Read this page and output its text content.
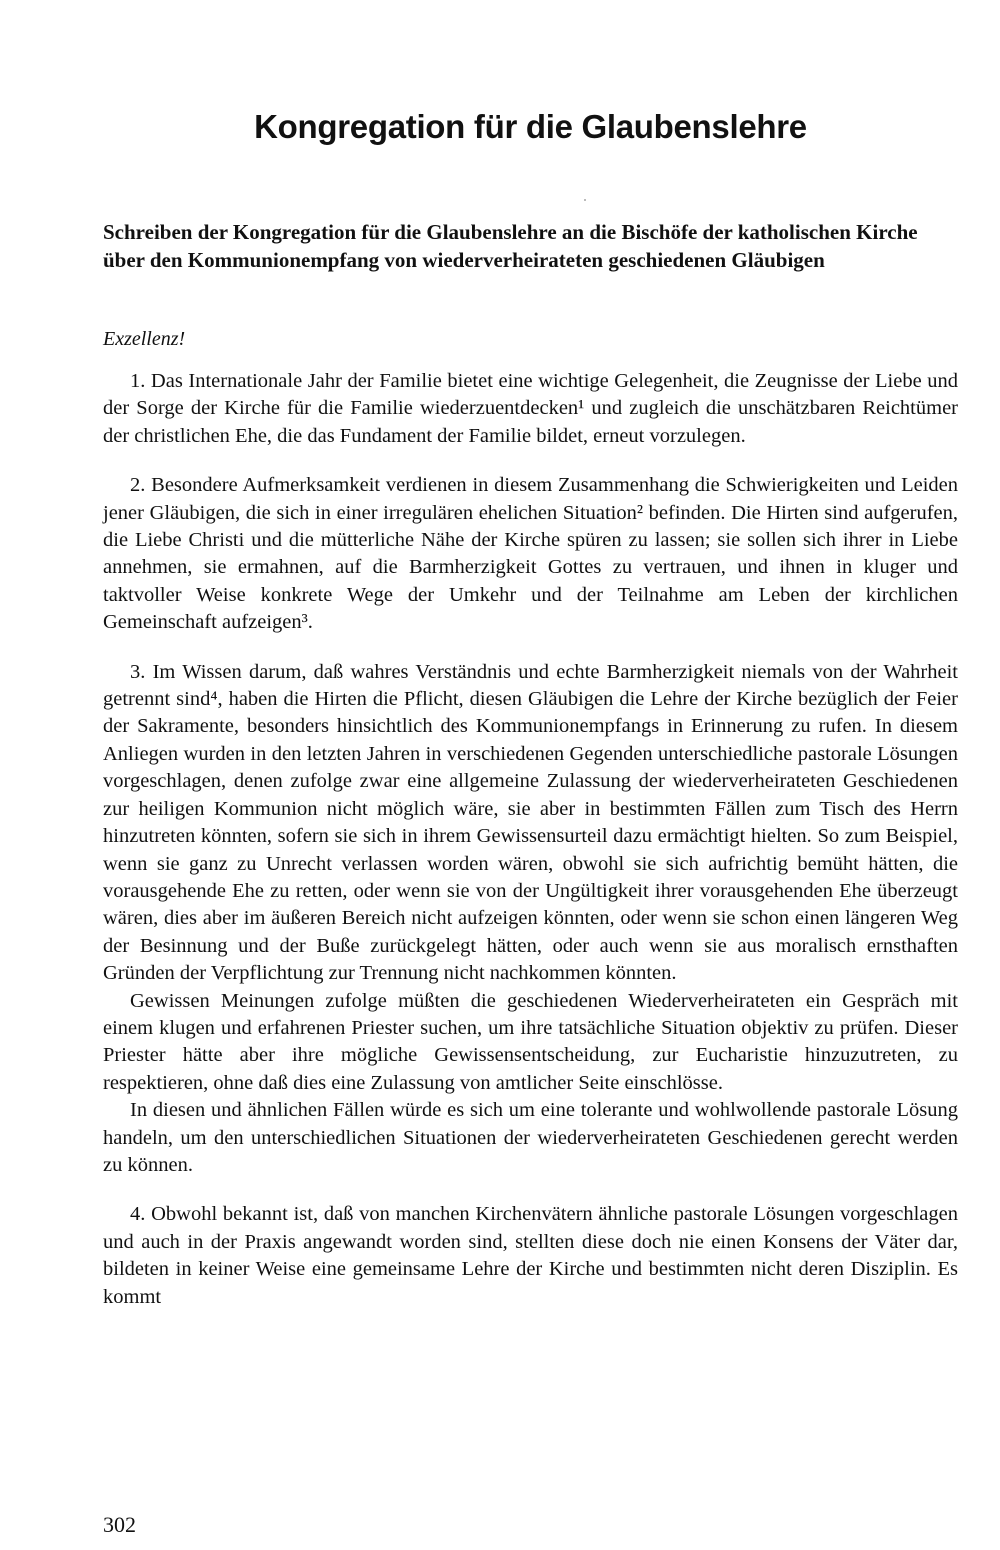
Kongregation für die Glaubenslehre
Schreiben der Kongregation für die Glaubenslehre an die Bischöfe der katholischen Kirche über den Kommunionempfang von wiederverheirateten geschiedenen Gläubigen

Exzellenz!

1. Das Internationale Jahr der Familie bietet eine wichtige Gelegenheit, die Zeugnisse der Liebe und der Sorge der Kirche für die Familie wiederzuentdecken¹ und zugleich die unschätzbaren Reichtümer der christlichen Ehe, die das Fundament der Familie bildet, erneut vorzulegen.

2. Besondere Aufmerksamkeit verdienen in diesem Zusammenhang die Schwierigkeiten und Leiden jener Gläubigen, die sich in einer irregulären ehelichen Situation² befinden. Die Hirten sind aufgerufen, die Liebe Christi und die mütterliche Nähe der Kirche spüren zu lassen; sie sollen sich ihrer in Liebe annehmen, sie ermahnen, auf die Barmherzigkeit Gottes zu vertrauen, und ihnen in kluger und taktvoller Weise konkrete Wege der Umkehr und der Teilnahme am Leben der kirchlichen Gemeinschaft aufzeigen³.

3. Im Wissen darum, daß wahres Verständnis und echte Barmherzigkeit niemals von der Wahrheit getrennt sind⁴, haben die Hirten die Pflicht, diesen Gläubigen die Lehre der Kirche bezüglich der Feier der Sakramente, besonders hinsichtlich des Kommunionempfangs in Erinnerung zu rufen. In diesem Anliegen wurden in den letzten Jahren in verschiedenen Gegenden unterschiedliche pastorale Lösungen vorgeschlagen, denen zufolge zwar eine allgemeine Zulassung der wiederverheirateten Geschiedenen zur heiligen Kommunion nicht möglich wäre, sie aber in bestimmten Fällen zum Tisch des Herrn hinzutreten könnten, sofern sie sich in ihrem Gewissensurteil dazu ermächtigt hielten. So zum Beispiel, wenn sie ganz zu Unrecht verlassen worden wären, obwohl sie sich aufrichtig bemüht hätten, die vorausgehende Ehe zu retten, oder wenn sie von der Ungültigkeit ihrer vorausgehenden Ehe überzeugt wären, dies aber im äußeren Bereich nicht aufzeigen könnten, oder wenn sie schon einen längeren Weg der Besinnung und der Buße zurückgelegt hätten, oder auch wenn sie aus moralisch ernsthaften Gründen der Verpflichtung zur Trennung nicht nachkommen könnten.

Gewissen Meinungen zufolge müßten die geschiedenen Wiederverheirateten ein Gespräch mit einem klugen und erfahrenen Priester suchen, um ihre tatsächliche Situation objektiv zu prüfen. Dieser Priester hätte aber ihre mögliche Gewissensentscheidung, zur Eucharistie hinzuzutreten, zu respektieren, ohne daß dies eine Zulassung von amtlicher Seite einschlösse.

In diesen und ähnlichen Fällen würde es sich um eine tolerante und wohlwollende pastorale Lösung handeln, um den unterschiedlichen Situationen der wiederverheirateten Geschiedenen gerecht werden zu können.

4. Obwohl bekannt ist, daß von manchen Kirchenvätern ähnliche pastorale Lösungen vorgeschlagen und auch in der Praxis angewandt worden sind, stellten diese doch nie einen Konsens der Väter dar, bildeten in keiner Weise eine gemeinsame Lehre der Kirche und bestimmten nicht deren Disziplin. Es kommt

302
